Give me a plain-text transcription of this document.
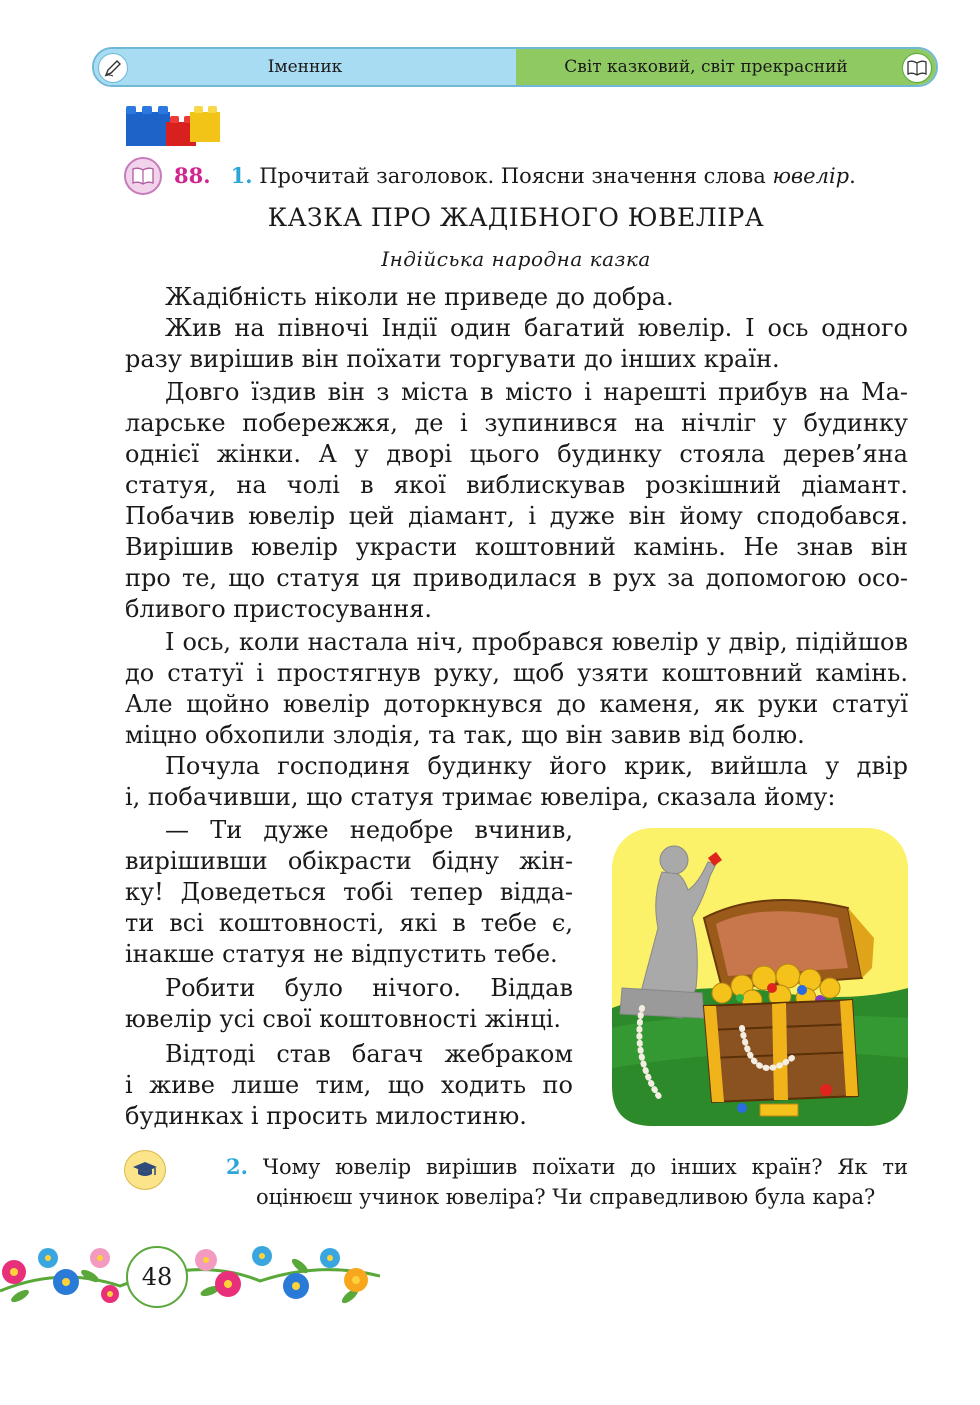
Іменник	Світ казковий, світ прекрасний
88. 1. Прочитай заголовок. Поясни значення слова ювелір.
КАЗКА ПРО ЖАДІБНОГО ЮВЕЛІРА
Індійська народна казка
Жадібність ніколи не приведе до добра.
Жив на півночі Індії один багатий ювелір. І ось одного
разу вирішив він поїхати торгувати до інших країн.
Довго їздив він з міста в місто і нарешті прибув на Ма-
ларське побережжя, де і зупинився на нічліг у будинку
однієї жінки. А у дворі цього будинку стояла дерев’яна
статуя, на чолі в якої виблискував розкішний діамант.
Побачив ювелір цей діамант, і дуже він йому сподобався.
Вирішив ювелір украсти коштовний камінь. Не знав він
про те, що статуя ця приводилася в рух за допомогою осо-
бливого пристосування.
І ось, коли настала ніч, пробрався ювелір у двір, підійшов
до статуї і простягнув руку, щоб узяти коштовний камінь.
Але щойно ювелір доторкнувся до каменя, як руки статуї
міцно обхопили злодія, та так, що він завив від болю.
Почула господиня будинку його крик, вийшла у двір
і, побачивши, що статуя тримає ювеліра, сказала йому:
— Ти дуже недобре вчинив,
вирішивши обікрасти бідну жін-
ку! Доведеться тобі тепер відда-
ти всі коштовності, які в тебе є,
інакше статуя не відпустить тебе.
Робити було нічого. Віддав
ювелір усі свої коштовності жінці.
Відтоді став багач жебраком
і живе лише тим, що ходить по
будинках і просить милостиню.
2. Чому ювелір вирішив поїхати до інших країн? Як ти
оцінюєш учинок ювеліра? Чи справедливою була кара?
48
